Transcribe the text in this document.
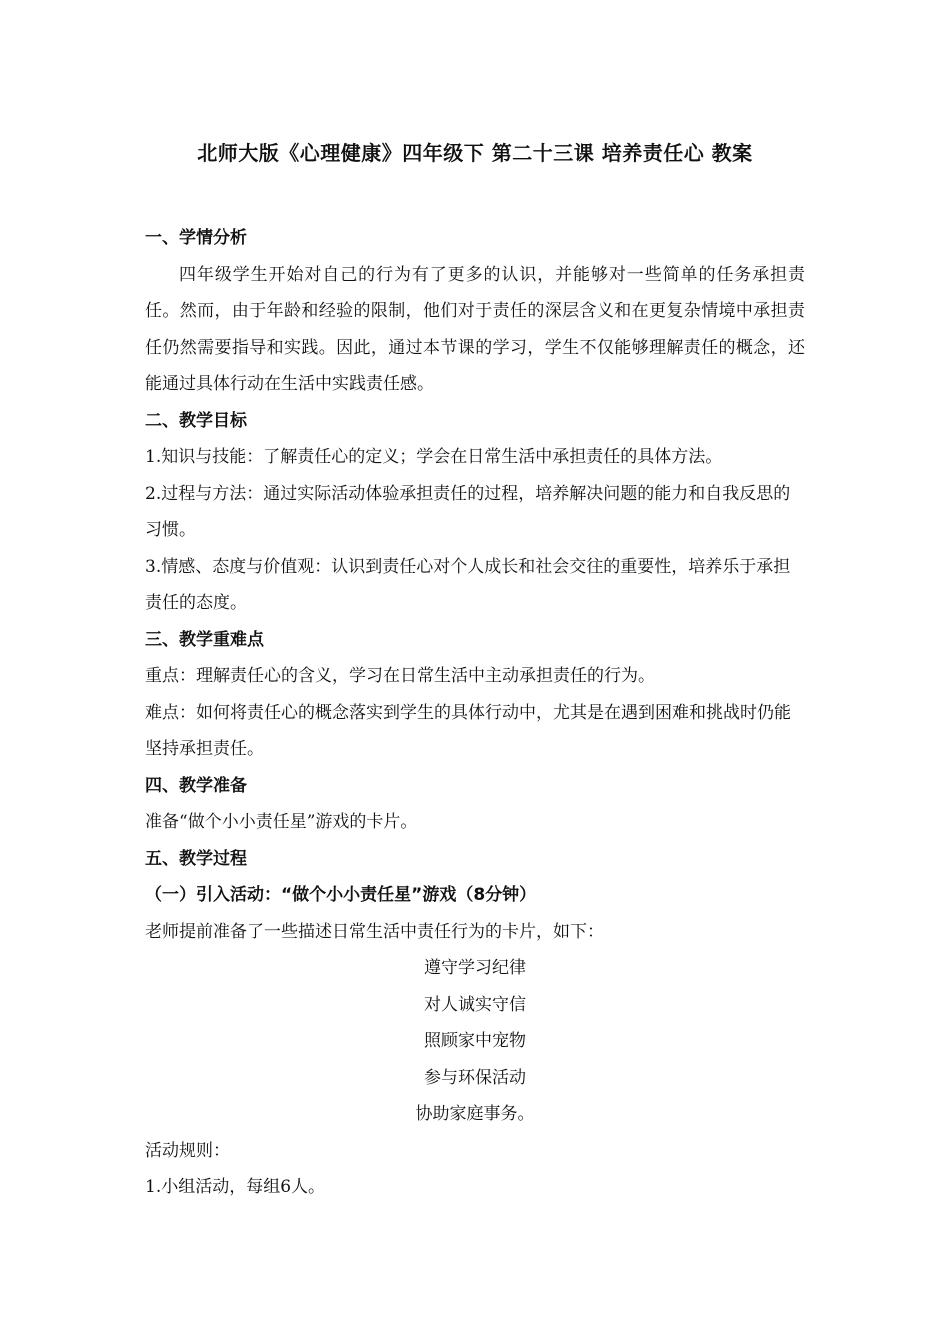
北师大版《心理健康》四年级下 第二十三课 培养责任心 教案

一、学情分析

四年级学生开始对自己的行为有了更多的认识，并能够对一些简单的任务承担责任。然而，由于年龄和经验的限制，他们对于责任的深层含义和在更复杂情境中承担责任仍然需要指导和实践。因此，通过本节课的学习，学生不仅能够理解责任的概念，还能通过具体行动在生活中实践责任感。

二、教学目标

1.知识与技能：了解责任心的定义；学会在日常生活中承担责任的具体方法。

2.过程与方法：通过实际活动体验承担责任的过程，培养解决问题的能力和自我反思的习惯。

3.情感、态度与价值观：认识到责任心对个人成长和社会交往的重要性，培养乐于承担责任的态度。

三、教学重难点

重点：理解责任心的含义，学习在日常生活中主动承担责任的行为。

难点：如何将责任心的概念落实到学生的具体行动中，尤其是在遇到困难和挑战时仍能坚持承担责任。

四、教学准备

准备“做个小小责任星”游戏的卡片。

五、教学过程

（一）引入活动：“做个小小责任星”游戏（8分钟）

老师提前准备了一些描述日常生活中责任行为的卡片，如下：

遵守学习纪律

对人诚实守信

照顾家中宠物

参与环保活动

协助家庭事务。

活动规则：

1.小组活动，每组6人。
